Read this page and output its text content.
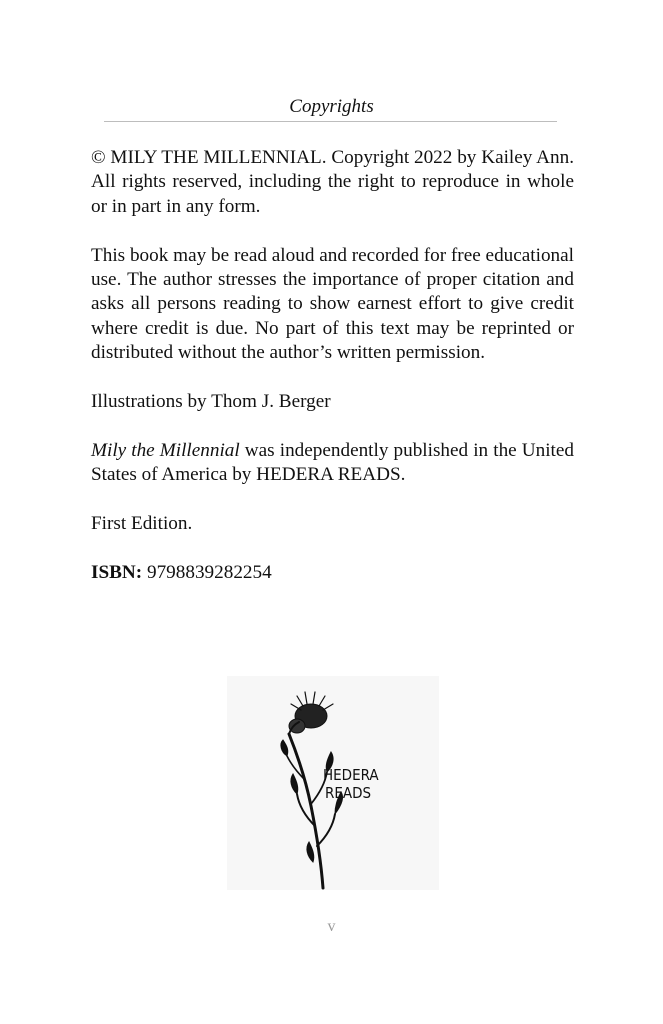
Copyrights

© MILY THE MILLENNIAL. Copyright 2022 by Kailey Ann. All rights reserved, including the right to reproduce in whole or in part in any form.

This book may be read aloud and recorded for free educational use. The author stresses the importance of proper citation and asks all persons reading to show earnest effort to give credit where credit is due. No part of this text may be reprinted or distributed without the author’s written permission.

Illustrations by Thom J. Berger

Mily the Millennial was independently published in the United States of America by HEDERA READS.

First Edition.

ISBN: 9798839282254

HEDERA
READS
v
